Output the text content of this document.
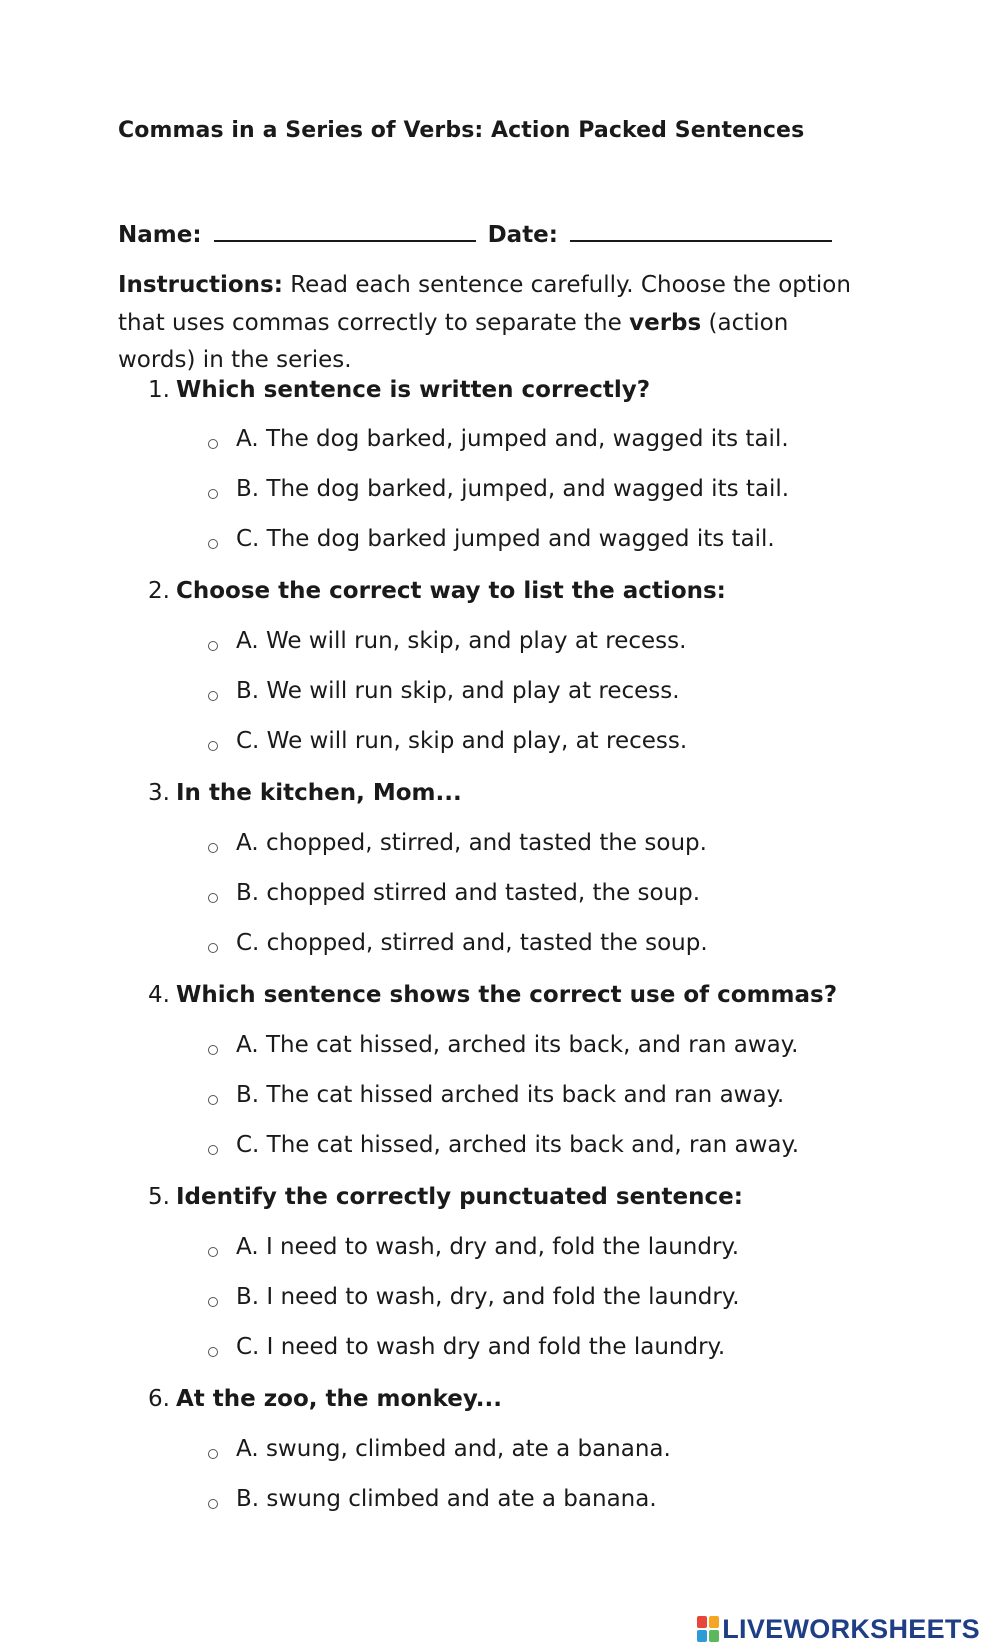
Commas in a Series of Verbs: Action Packed Sentences
Name:	Date:
Instructions: Read each sentence carefully. Choose the option that uses commas correctly to separate the verbs (action words) in the series.
1. Which sentence is written correctly?
A. The dog barked, jumped and, wagged its tail.
B. The dog barked, jumped, and wagged its tail.
C. The dog barked jumped and wagged its tail.
2. Choose the correct way to list the actions:
A. We will run, skip, and play at recess.
B. We will run skip, and play at recess.
C. We will run, skip and play, at recess.
3. In the kitchen, Mom...
A. chopped, stirred, and tasted the soup.
B. chopped stirred and tasted, the soup.
C. chopped, stirred and, tasted the soup.
4. Which sentence shows the correct use of commas?
A. The cat hissed, arched its back, and ran away.
B. The cat hissed arched its back and ran away.
C. The cat hissed, arched its back and, ran away.
5. Identify the correctly punctuated sentence:
A. I need to wash, dry and, fold the laundry.
B. I need to wash, dry, and fold the laundry.
C. I need to wash dry and fold the laundry.
6. At the zoo, the monkey...
A. swung, climbed and, ate a banana.
B. swung climbed and ate a banana.
LIVEWORKSHEETS
